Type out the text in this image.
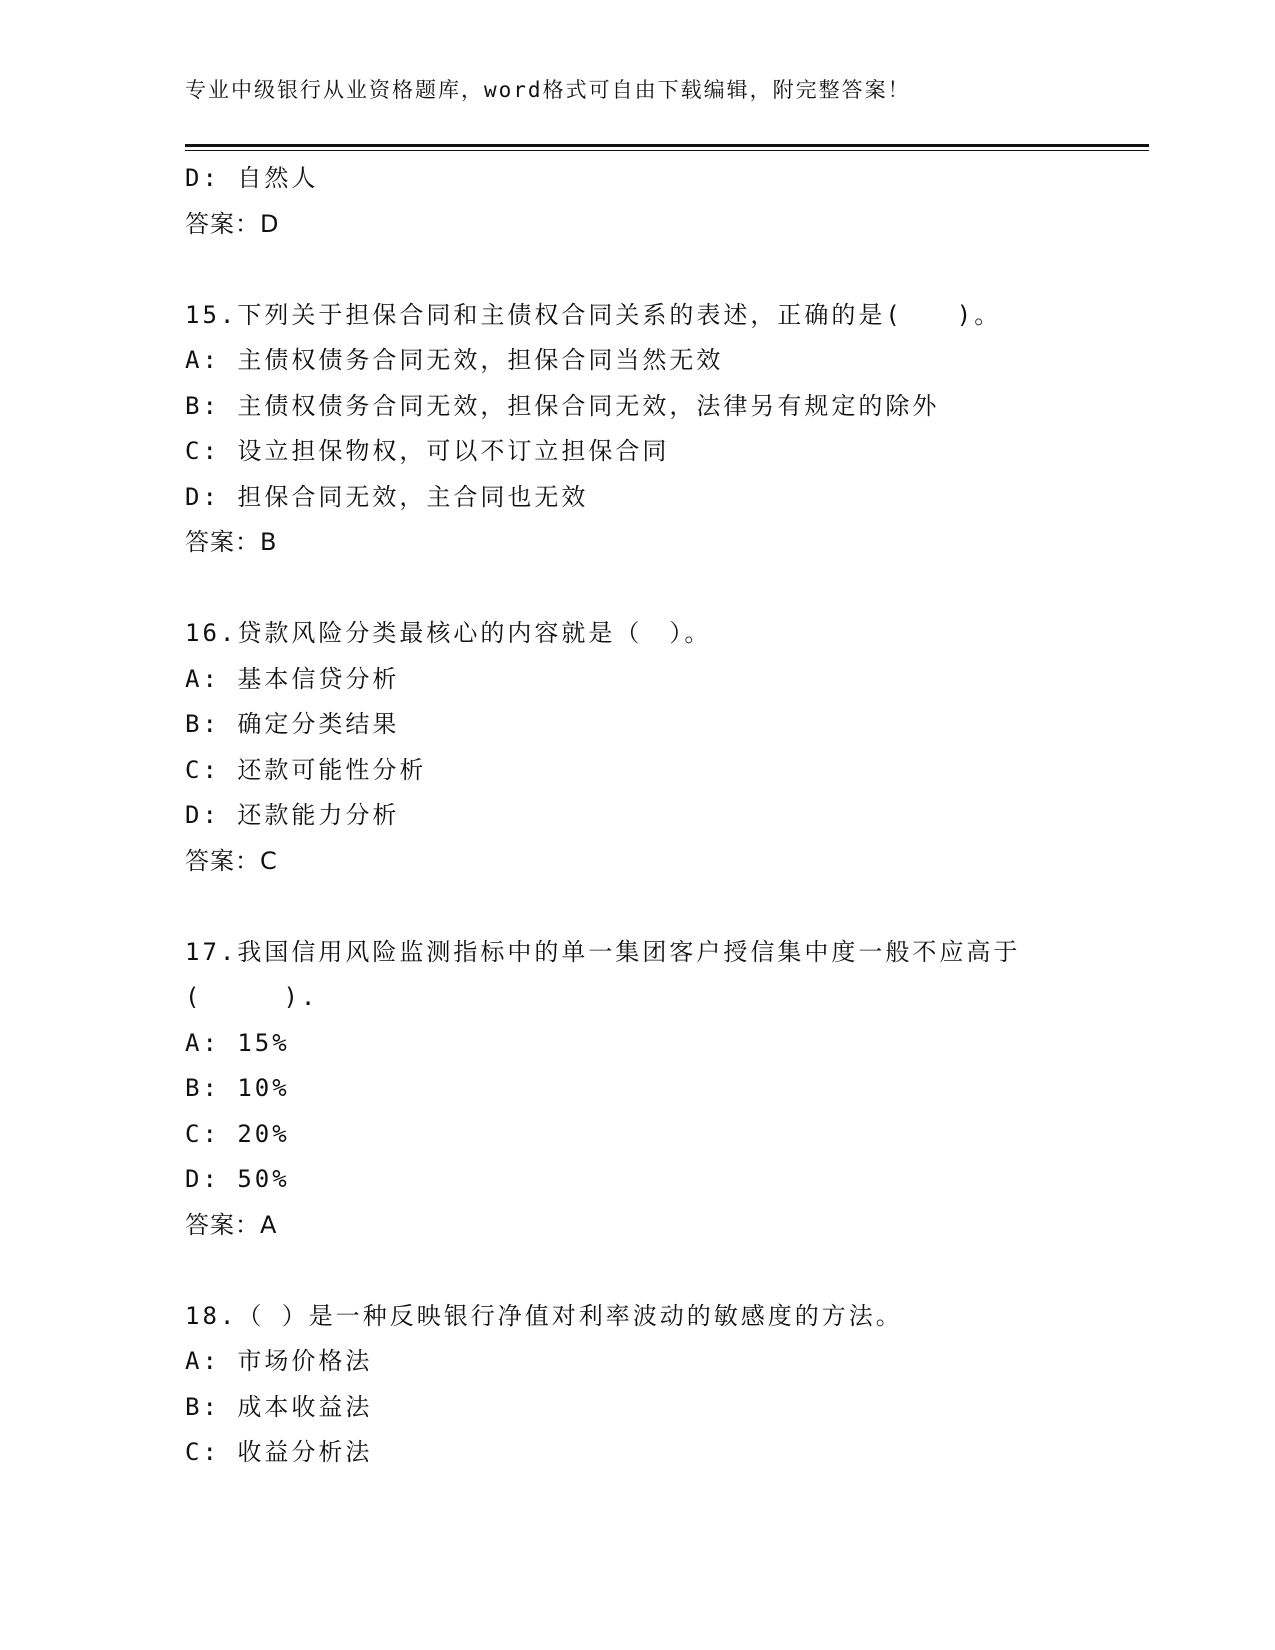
专业中级银行从业资格题库，word格式可自由下载编辑，附完整答案！
D: 自然人
答案：D
15.下列关于担保合同和主债权合同关系的表述，正确的是(　　)。
A: 主债权债务合同无效，担保合同当然无效
B: 主债权债务合同无效，担保合同无效，法律另有规定的除外
C: 设立担保物权，可以不订立担保合同
D: 担保合同无效，主合同也无效
答案：B
16.贷款风险分类最核心的内容就是（　）。
A: 基本信贷分析
B: 确定分类结果
C: 还款可能性分析
D: 还款能力分析
答案：C
17.我国信用风险监测指标中的单一集团客户授信集中度一般不应高于
(　　　).
A: 15%
B: 10%
C: 20%
D: 50%
答案：A
18.（ ）是一种反映银行净值对利率波动的敏感度的方法。
A: 市场价格法
B: 成本收益法
C: 收益分析法
